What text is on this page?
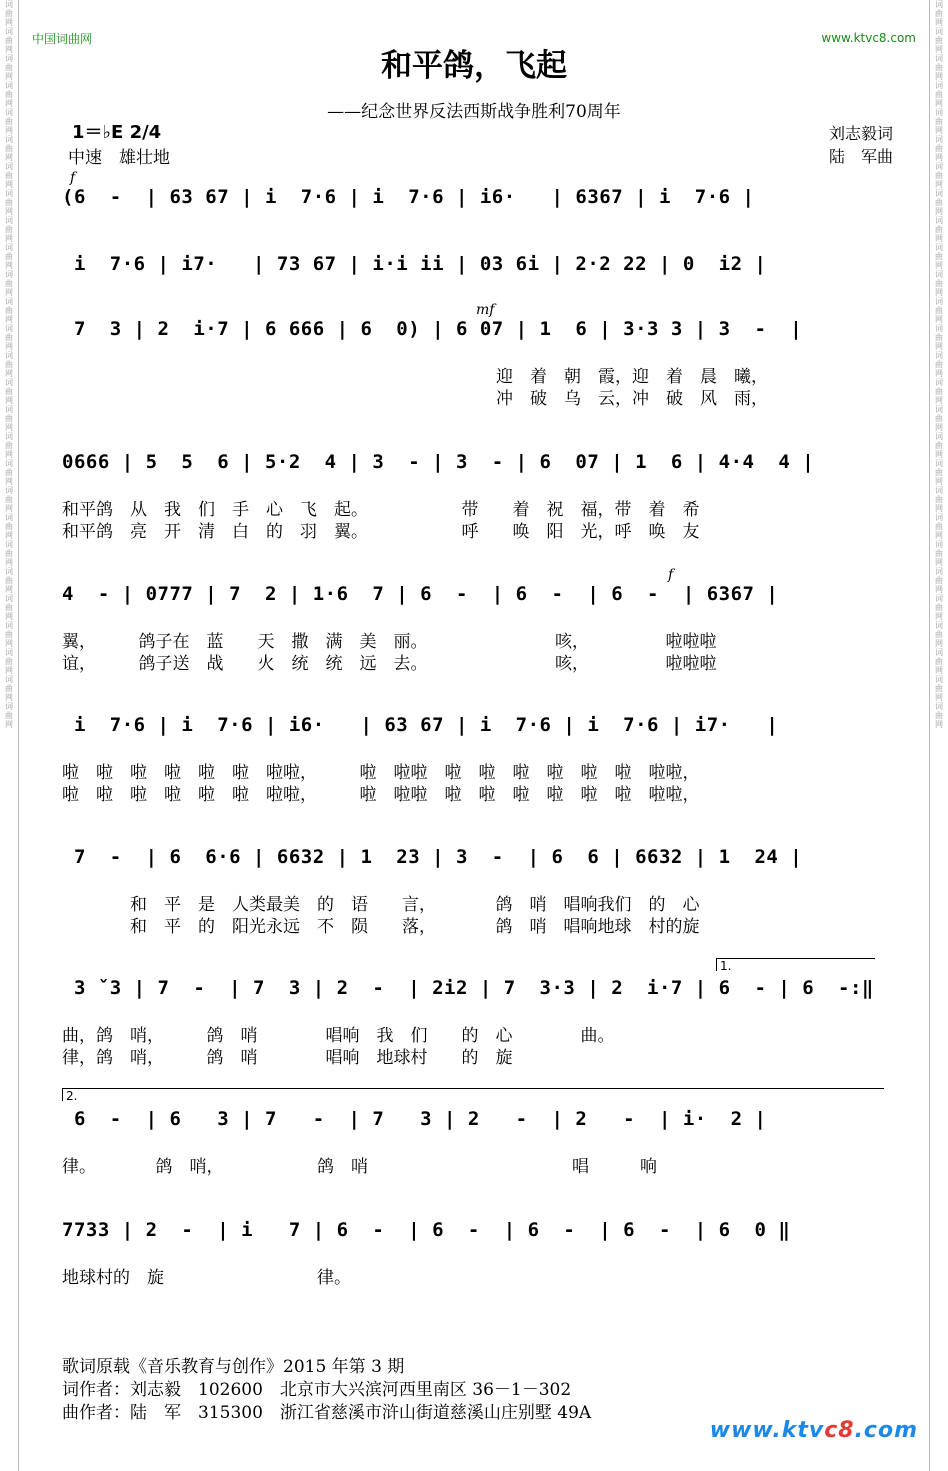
词曲网词曲网词曲网词曲网词曲网词曲网词曲网词曲网词曲网词曲网词曲网词曲网词曲网词曲网词曲网词曲网词曲网词曲网词曲网词曲网词曲网词曲网词曲网词曲网词曲网词曲网词曲网
词曲网词曲网词曲网词曲网词曲网词曲网词曲网词曲网词曲网词曲网词曲网词曲网词曲网词曲网词曲网词曲网词曲网词曲网词曲网词曲网词曲网词曲网词曲网词曲网词曲网词曲网词曲网
中国词曲网	www.ktvc8.com
和平鸽，飞起
——纪念世界反法西斯战争胜利70周年
1＝♭E 2/4
中速　雄壮地
刘志毅词
陆　军曲
f
(6  -  | 63 67 | i  7·6 | i  7·6 | i6·   | 6367 | i  7·6 |
i  7·6 | i7·   | 73 67 | i·i ii | 03 6i | 2·2 22 | 0  i2 |
mf
7  3 | 2  i·7 | 6 666 | 6  0) | 6 07 | 1  6 | 3·3 3 | 3  -  |
迎　着　朝　霞，迎　着　晨　曦，
冲　破　乌　云，冲　破　风　雨，
0666 | 5  5  6 | 5·2  4 | 3  - | 3  - | 6  07 | 1  6 | 4·4  4 |
和平鸽　从　我　们　手　心　飞　起。　　　　　　带　　着　祝　福，带　着　希
和平鸽　亮　开　清　白　的　羽　翼。　　　　　　呼　　唤　阳　光，呼　唤　友
f
4  - | 0777 | 7  2 | 1·6  7 | 6  -  | 6  -  | 6  -  | 6367 |
翼，　　　鸽子在　蓝　　天　撒　满　美　丽。　　　　　　　　咳，　　　　　啦啦啦
谊，　　　鸽子送　战　　火　统　统　远　去。　　　　　　　　咳，　　　　　啦啦啦
i  7·6 | i  7·6 | i6·   | 63 67 | i  7·6 | i  7·6 | i7·   |
啦　啦　啦　啦　啦　啦　啦啦，　　　啦　啦啦　啦　啦　啦　啦　啦　啦　啦啦，
啦　啦　啦　啦　啦　啦　啦啦，　　　啦　啦啦　啦　啦　啦　啦　啦　啦　啦啦，
7  -  | 6  6·6 | 6632 | 1  23 | 3  -  | 6  6 | 6632 | 1  24 |
　　　　和　平　是　人类最美　的　语　　言，　　　　鸽　哨　唱响我们　的　心
　　　　和　平　的　阳光永远　不　陨　　落，　　　　鸽　哨　唱响地球　村的旋
3 ˇ3 | 7  -  | 7  3 | 2  -  | 2i2 | 7  3·3 | 2  i·7 | 6  - | 6  -:‖
曲，鸽　哨，　　　鸽　哨　　　　唱响　我　们　　的　心　　　　曲。
律，鸽　哨，　　　鸽　哨　　　　唱响　地球村　　的　旋
6  -  | 6   3 | 7   -  | 7   3 | 2   -  | 2   -  | i·  2 |
律。　　　　鸽　哨，　　　　　　鸽　哨　　　　　　　　　　　　唱　　　响
7733 | 2  -  | i   7 | 6  -  | 6  -  | 6  -  | 6  -  | 6  0 ‖
地球村的　旋　　　　　　　　　律。
1.
2.
歌词原载《音乐教育与创作》2015 年第 3 期
词作者：刘志毅　102600　北京市大兴滨河西里南区 36－1－302
曲作者：陆　军　315300　浙江省慈溪市浒山街道慈溪山庄别墅 49A
www.ktvc8.com
